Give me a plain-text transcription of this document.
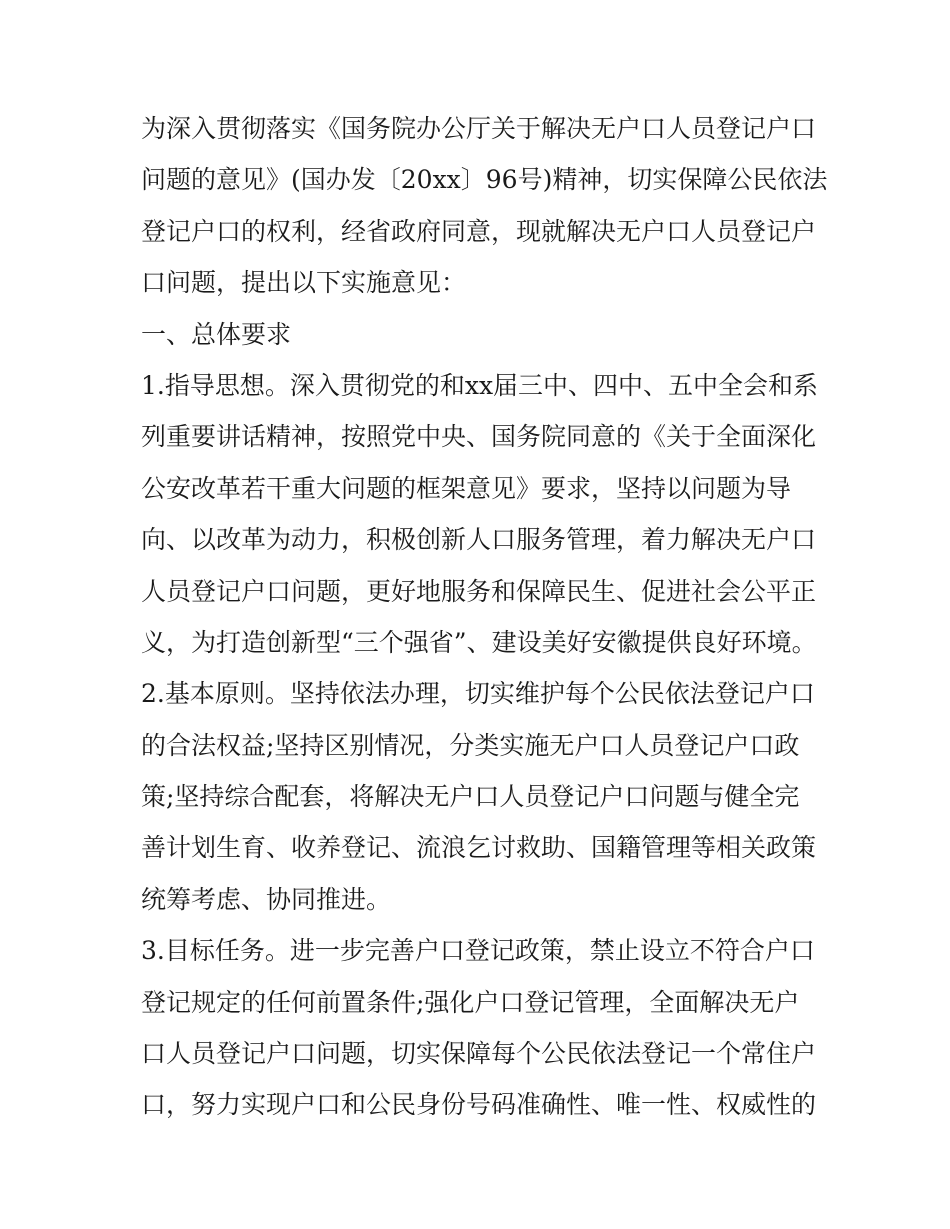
为深入贯彻落实《国务院办公厅关于解决无户口人员登记户口
问题的意见》(国办发〔20xx〕96号)精神，切实保障公民依法
登记户口的权利，经省政府同意，现就解决无户口人员登记户
口问题，提出以下实施意见：
一、总体要求
1.指导思想。深入贯彻党的和xx届三中、四中、五中全会和系
列重要讲话精神，按照党中央、国务院同意的《关于全面深化
公安改革若干重大问题的框架意见》要求，坚持以问题为导
向、以改革为动力，积极创新人口服务管理，着力解决无户口
人员登记户口问题，更好地服务和保障民生、促进社会公平正
义，为打造创新型“三个强省”、建设美好安徽提供良好环境。
2.基本原则。坚持依法办理，切实维护每个公民依法登记户口
的合法权益;坚持区别情况，分类实施无户口人员登记户口政
策;坚持综合配套，将解决无户口人员登记户口问题与健全完
善计划生育、收养登记、流浪乞讨救助、国籍管理等相关政策
统筹考虑、协同推进。
3.目标任务。进一步完善户口登记政策，禁止设立不符合户口
登记规定的任何前置条件;强化户口登记管理，全面解决无户
口人员登记户口问题，切实保障每个公民依法登记一个常住户
口，努力实现户口和公民身份号码准确性、唯一性、权威性的
